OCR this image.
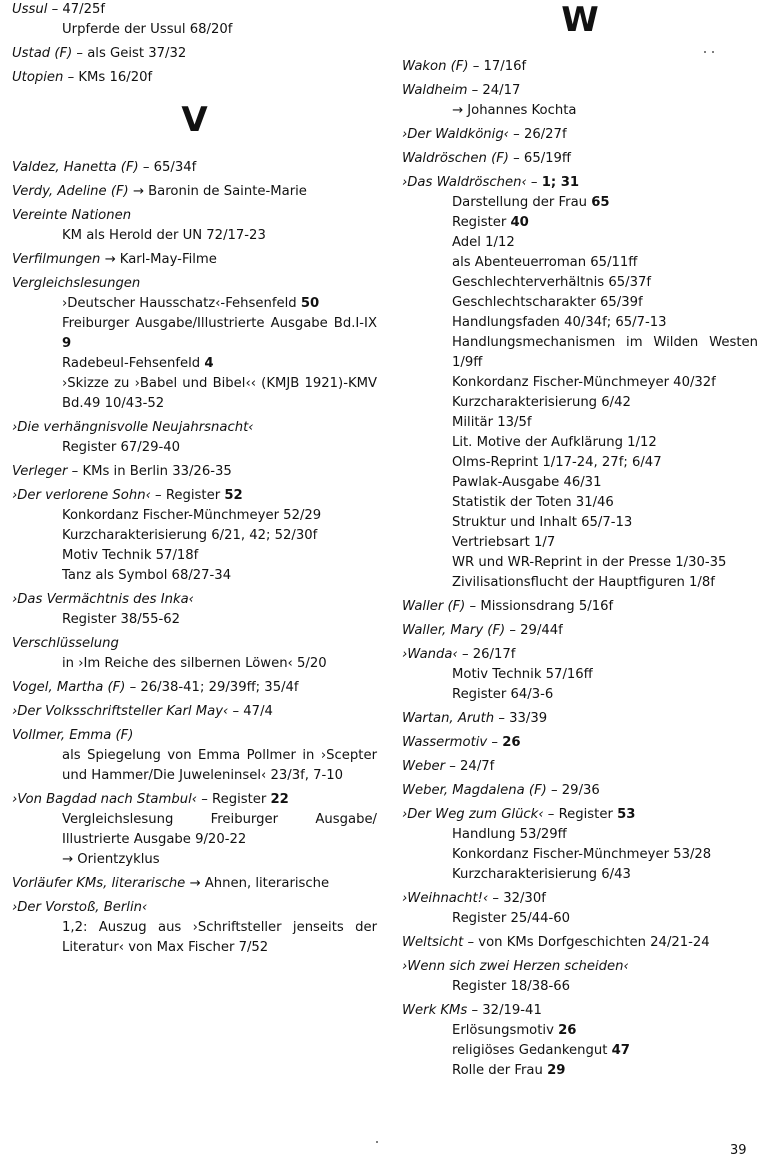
Ussul – 47/25f
Urpferde der Ussul 68/20f
Ustad (F) – als Geist 37/32
Utopien – KMs 16/20f
V
Valdez, Hanetta (F) – 65/34f
Verdy, Adeline (F) → Baronin de Sainte-Marie
Vereinte Nationen
KM als Herold der UN 72/17-23
Verfilmungen → Karl-May-Filme
Vergleichslesungen
›Deutscher Hausschatz‹-Fehsenfeld 50
Freiburger Ausgabe/Illustrierte Ausgabe Bd.I-IX 9
Radebeul-Fehsenfeld 4
›Skizze zu ›Babel und Bibel‹‹ (KMJB 1921)-KMV Bd.49 10/43-52
›Die verhängnisvolle Neujahrsnacht‹
Register 67/29-40
Verleger – KMs in Berlin 33/26-35
›Der verlorene Sohn‹ – Register 52
Konkordanz Fischer-Münchmeyer 52/29
Kurzcharakterisierung 6/21, 42; 52/30f
Motiv Technik 57/18f
Tanz als Symbol 68/27-34
›Das Vermächtnis des Inka‹
Register 38/55-62
Verschlüsselung
in ›Im Reiche des silbernen Löwen‹ 5/20
Vogel, Martha (F) – 26/38-41; 29/39ff; 35/4f
›Der Volksschriftsteller Karl May‹ – 47/4
Vollmer, Emma (F)
als Spiegelung von Emma Pollmer in ›Scepter und Hammer/Die Juweleninsel‹ 23/3f, 7-10
›Von Bagdad nach Stambul‹ – Register 22
Vergleichslesung Freiburger Ausgabe/ Illustrierte Ausgabe 9/20-22
→ Orientzyklus
Vorläufer KMs, literarische → Ahnen, literarische
›Der Vorstoß, Berlin‹
1,2: Auszug aus ›Schriftsteller jenseits der Literatur‹ von Max Fischer 7/52
W
Wakon (F) – 17/16f
Waldheim – 24/17
→ Johannes Kochta
›Der Waldkönig‹ – 26/27f
Waldröschen (F) – 65/19ff
›Das Waldröschen‹ – 1; 31
Darstellung der Frau 65
Register 40
Adel 1/12
als Abenteuerroman 65/11ff
Geschlechterverhältnis 65/37f
Geschlechtscharakter 65/39f
Handlungsfaden 40/34f; 65/7-13
Handlungsmechanismen im Wilden Westen 1/9ff
Konkordanz Fischer-Münchmeyer 40/32f
Kurzcharakterisierung 6/42
Militär 13/5f
Lit. Motive der Aufklärung 1/12
Olms-Reprint 1/17-24, 27f; 6/47
Pawlak-Ausgabe 46/31
Statistik der Toten 31/46
Struktur und Inhalt 65/7-13
Vertriebsart 1/7
WR und WR-Reprint in der Presse 1/30-35
Zivilisationsflucht der Hauptfiguren 1/8f
Waller (F) – Missionsdrang 5/16f
Waller, Mary (F) – 29/44f
›Wanda‹ – 26/17f
Motiv Technik 57/16ff
Register 64/3-6
Wartan, Aruth – 33/39
Wassermotiv – 26
Weber – 24/7f
Weber, Magdalena (F) – 29/36
›Der Weg zum Glück‹ – Register 53
Handlung 53/29ff
Konkordanz Fischer-Münchmeyer 53/28
Kurzcharakterisierung 6/43
›Weihnacht!‹ – 32/30f
Register 25/44-60
Weltsicht – von KMs Dorfgeschichten 24/21-24
›Wenn sich zwei Herzen scheiden‹
Register 18/38-66
Werk KMs – 32/19-41
Erlösungsmotiv 26
religiöses Gedankengut 47
Rolle der Frau 29
39
